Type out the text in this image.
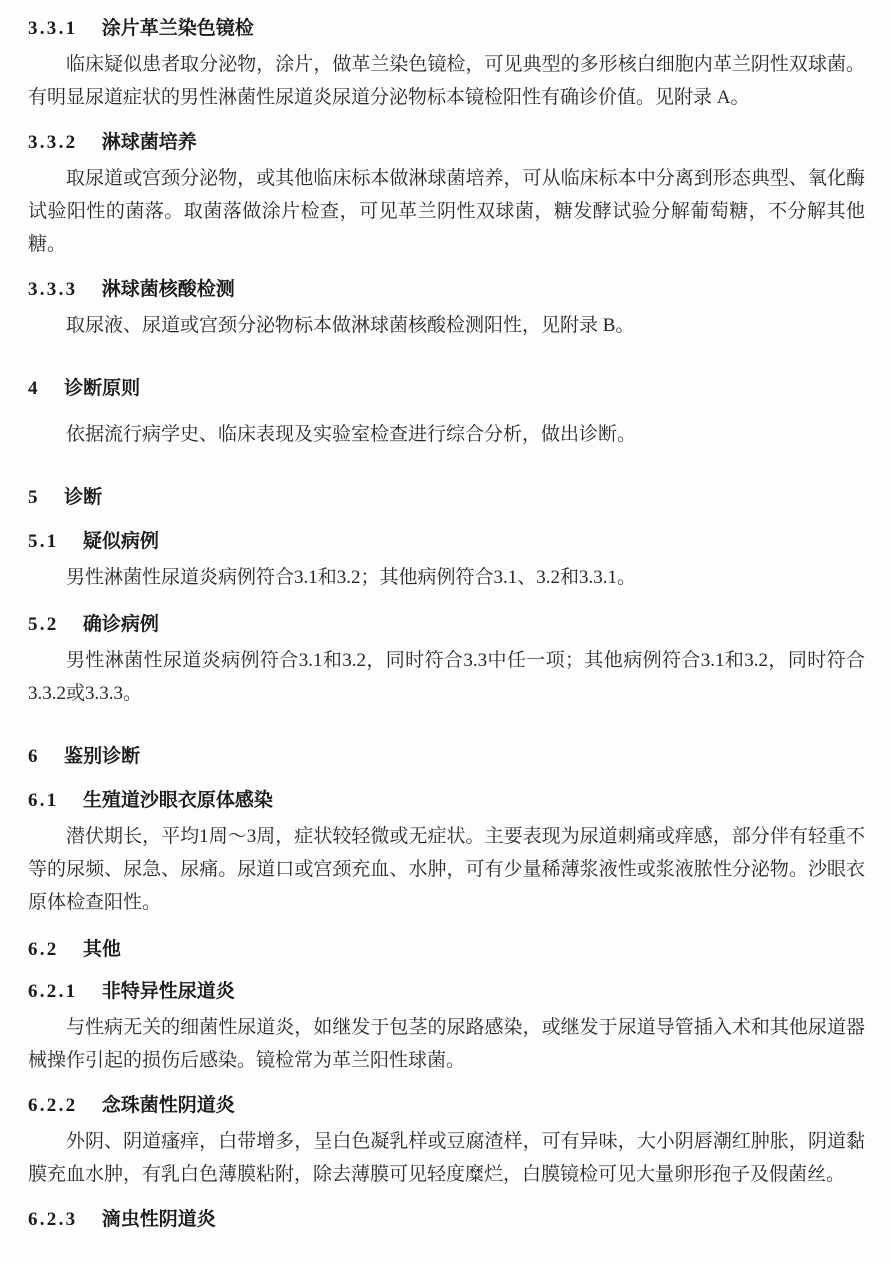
3.3.1 涂片革兰染色镜检

临床疑似患者取分泌物，涂片，做革兰染色镜检，可见典型的多形核白细胞内革兰阴性双球菌。有明显尿道症状的男性淋菌性尿道炎尿道分泌物标本镜检阳性有确诊价值。见附录 A。

3.3.2 淋球菌培养

取尿道或宫颈分泌物，或其他临床标本做淋球菌培养，可从临床标本中分离到形态典型、氧化酶试验阳性的菌落。取菌落做涂片检查，可见革兰阴性双球菌，糖发酵试验分解葡萄糖，不分解其他糖。

3.3.3 淋球菌核酸检测

取尿液、尿道或宫颈分泌物标本做淋球菌核酸检测阳性，见附录 B。

4 诊断原则

依据流行病学史、临床表现及实验室检查进行综合分析，做出诊断。

5 诊断
5.1 疑似病例

男性淋菌性尿道炎病例符合3.1和3.2；其他病例符合3.1、3.2和3.3.1。

5.2 确诊病例

男性淋菌性尿道炎病例符合3.1和3.2，同时符合3.3中任一项；其他病例符合3.1和3.2，同时符合3.3.2或3.3.3。

6 鉴别诊断
6.1 生殖道沙眼衣原体感染

潜伏期长，平均1周～3周，症状较轻微或无症状。主要表现为尿道刺痛或痒感，部分伴有轻重不等的尿频、尿急、尿痛。尿道口或宫颈充血、水肿，可有少量稀薄浆液性或浆液脓性分泌物。沙眼衣原体检查阳性。

6.2 其他
6.2.1 非特异性尿道炎

与性病无关的细菌性尿道炎，如继发于包茎的尿路感染，或继发于尿道导管插入术和其他尿道器械操作引起的损伤后感染。镜检常为革兰阳性球菌。

6.2.2 念珠菌性阴道炎

外阴、阴道瘙痒，白带增多，呈白色凝乳样或豆腐渣样，可有异味，大小阴唇潮红肿胀，阴道黏膜充血水肿，有乳白色薄膜粘附，除去薄膜可见轻度糜烂，白膜镜检可见大量卵形孢子及假菌丝。

6.2.3 滴虫性阴道炎
